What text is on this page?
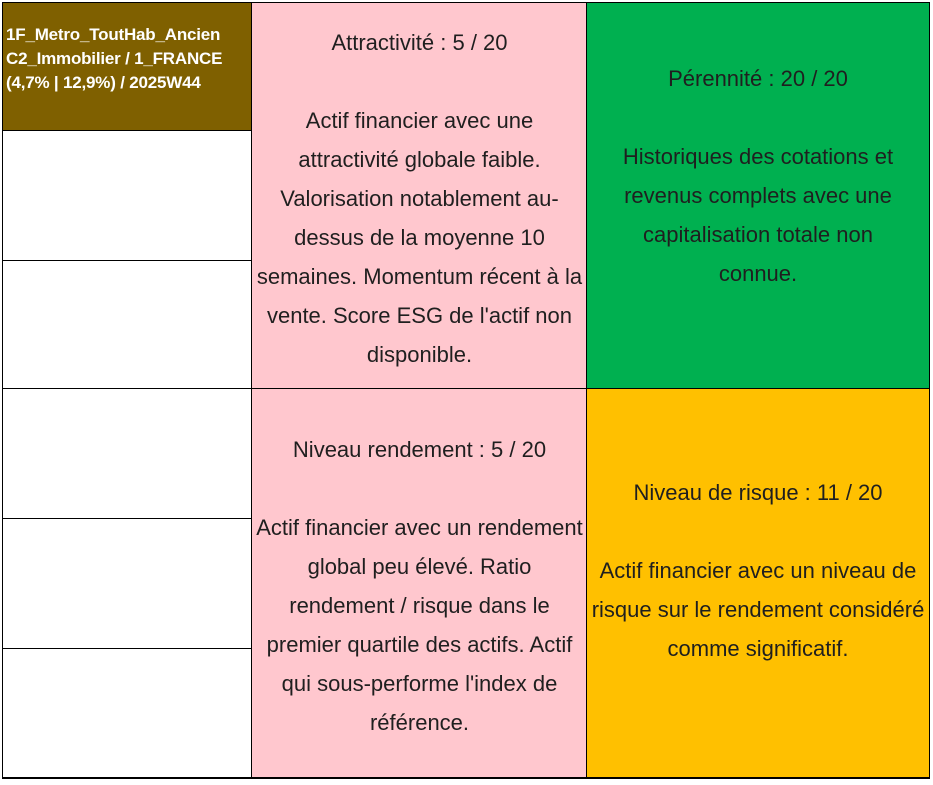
1F_Metro_ToutHab_Ancien
C2_Immobilier / 1_FRANCE
(4,7% | 12,9%) / 2025W44
Attractivité : 5 / 20
Actif financier avec une attractivité globale faible. Valorisation notablement au-dessus de la moyenne 10 semaines. Momentum récent à la vente. Score ESG de l'actif non disponible.
Pérennité : 20 / 20
Historiques des cotations et revenus complets avec une capitalisation totale non connue.
Niveau rendement : 5 / 20
Actif financier avec un rendement global peu élevé. Ratio rendement / risque dans le premier quartile des actifs. Actif qui sous-performe l'index de référence.
Niveau de risque : 11 / 20
Actif financier avec un niveau de risque sur le rendement considéré comme significatif.
